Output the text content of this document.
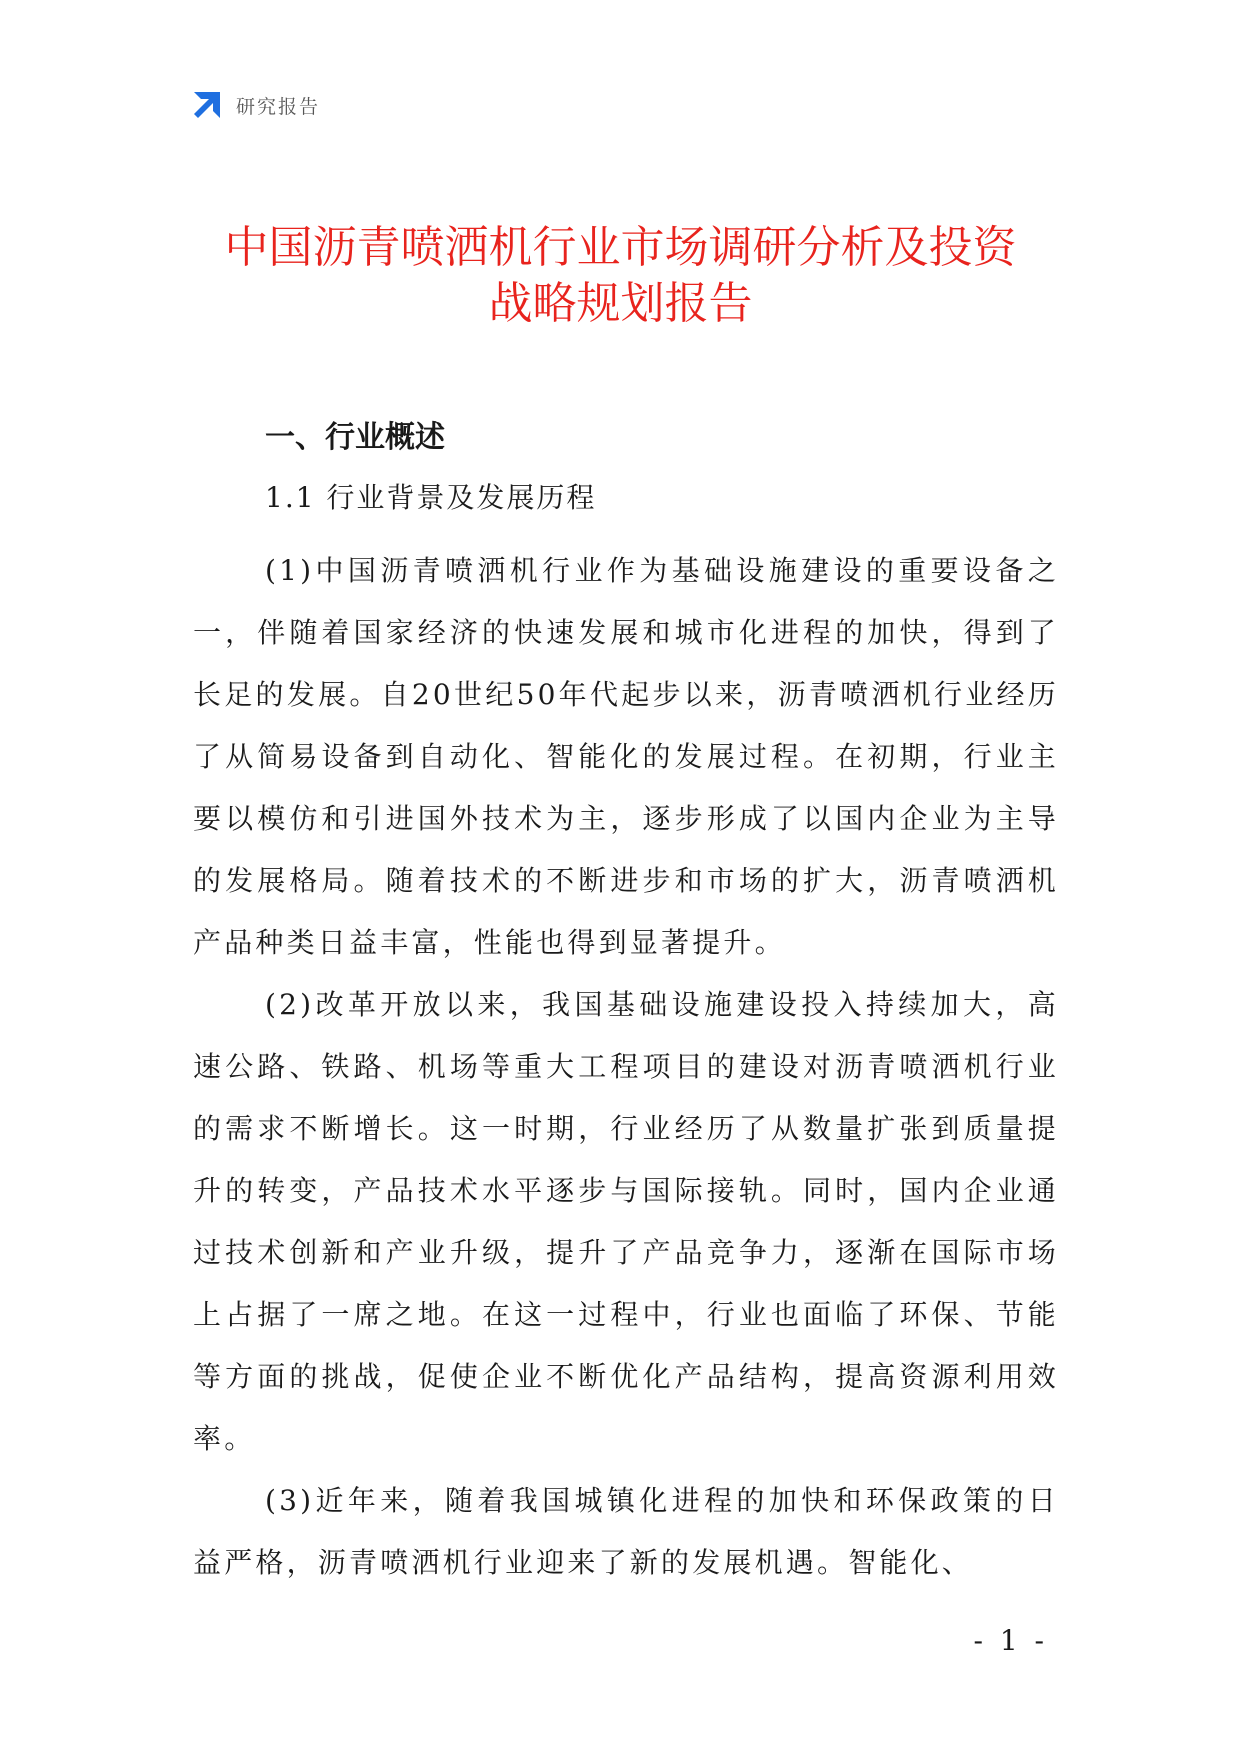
研究报告
中国沥青喷洒机行业市场调研分析及投资
战略规划报告
一、行业概述
1.1 行业背景及发展历程

(1)中国沥青喷洒机行业作为基础设施建设的重要设备之一，伴随着国家经济的快速发展和城市化进程的加快，得到了长足的发展。自20世纪50年代起步以来，沥青喷洒机行业经历了从简易设备到自动化、智能化的发展过程。在初期，行业主要以模仿和引进国外技术为主，逐步形成了以国内企业为主导的发展格局。随着技术的不断进步和市场的扩大，沥青喷洒机产品种类日益丰富，性能也得到显著提升。

(2)改革开放以来，我国基础设施建设投入持续加大，高速公路、铁路、机场等重大工程项目的建设对沥青喷洒机行业的需求不断增长。这一时期，行业经历了从数量扩张到质量提升的转变，产品技术水平逐步与国际接轨。同时，国内企业通过技术创新和产业升级，提升了产品竞争力，逐渐在国际市场上占据了一席之地。在这一过程中，行业也面临了环保、节能等方面的挑战，促使企业不断优化产品结构，提高资源利用效率。

(3)近年来，随着我国城镇化进程的加快和环保政策的日益严格，沥青喷洒机行业迎来了新的发展机遇。智能化、

- 1 -
